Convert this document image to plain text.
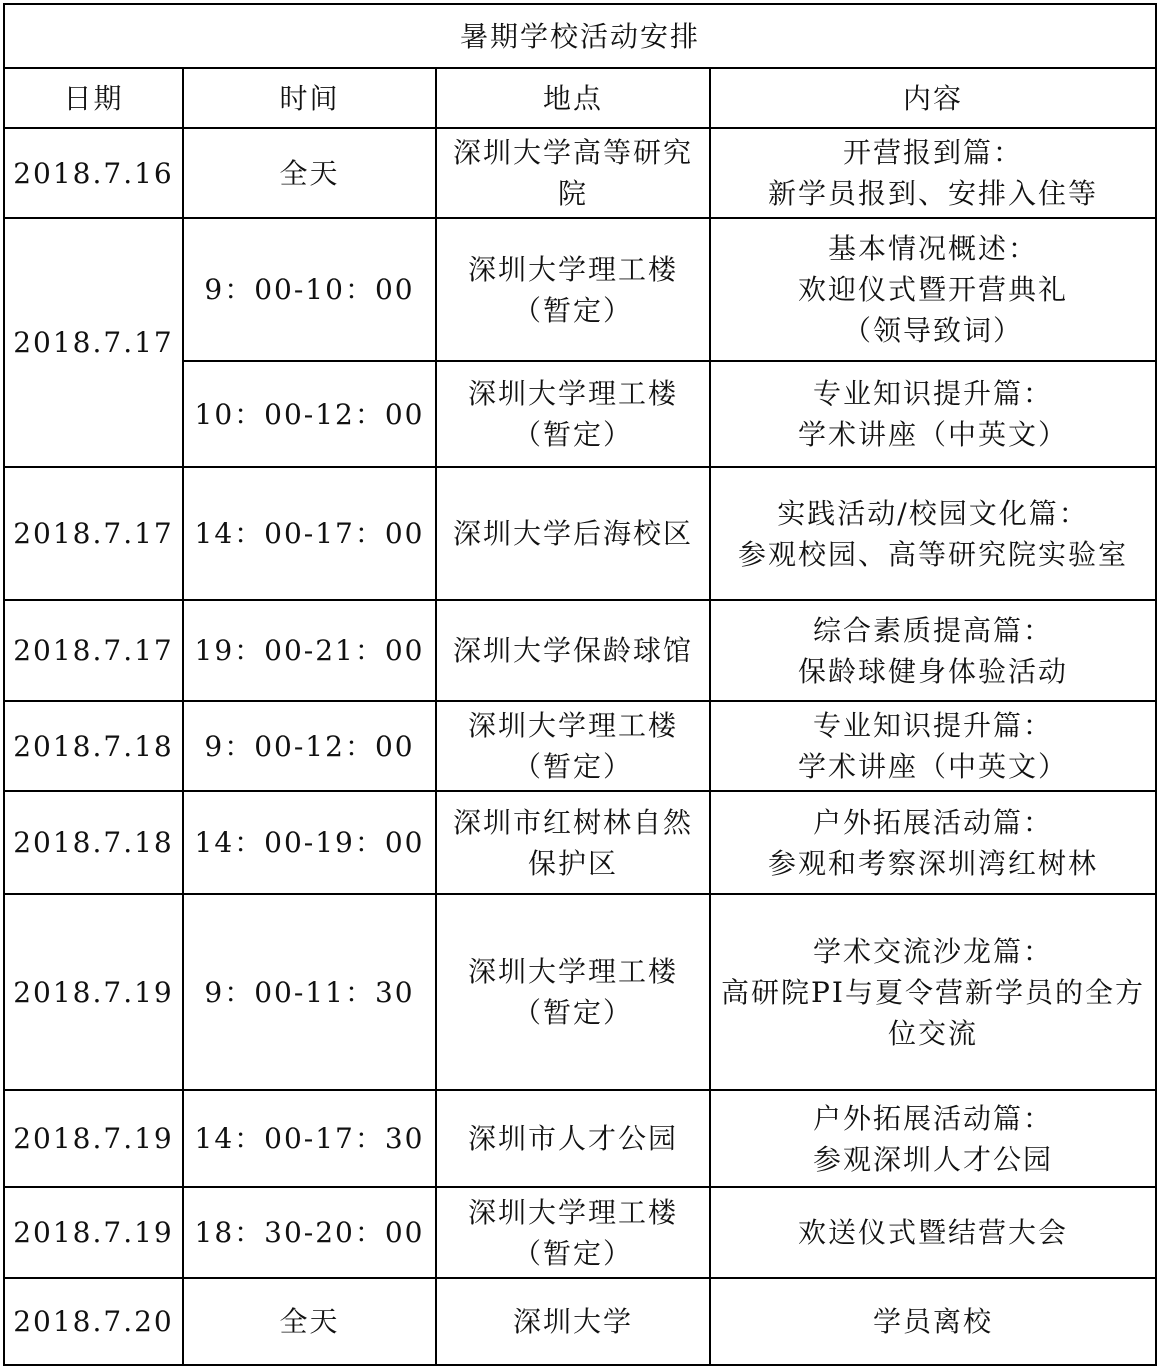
暑期学校活动安排			
日期	时间	地点	内容
2018.7.16	全天	深圳大学高等研究院	开营报到篇：
新学员报到、安排入住等
2018.7.17	9：00-10：00	深圳大学理工楼
（暂定）	基本情况概述：
欢迎仪式暨开营典礼
（领导致词）
	10：00-12：00	深圳大学理工楼
（暂定）	专业知识提升篇：
学术讲座（中英文）
2018.7.17	14：00-17：00	深圳大学后海校区	实践活动/校园文化篇：
参观校园、高等研究院实验室
2018.7.17	19：00-21：00	深圳大学保龄球馆	综合素质提高篇：
保龄球健身体验活动
2018.7.18	9：00-12：00	深圳大学理工楼
（暂定）	专业知识提升篇：
学术讲座（中英文）
2018.7.18	14：00-19：00	深圳市红树林自然保护区	户外拓展活动篇：
参观和考察深圳湾红树林
2018.7.19	9：00-11：30	深圳大学理工楼
（暂定）	学术交流沙龙篇：
高研院PI与夏令营新学员的全方位交流
2018.7.19	14：00-17：30	深圳市人才公园	户外拓展活动篇：
参观深圳人才公园
2018.7.19	18：30-20：00	深圳大学理工楼
（暂定）	欢送仪式暨结营大会
2018.7.20	全天	深圳大学	学员离校
